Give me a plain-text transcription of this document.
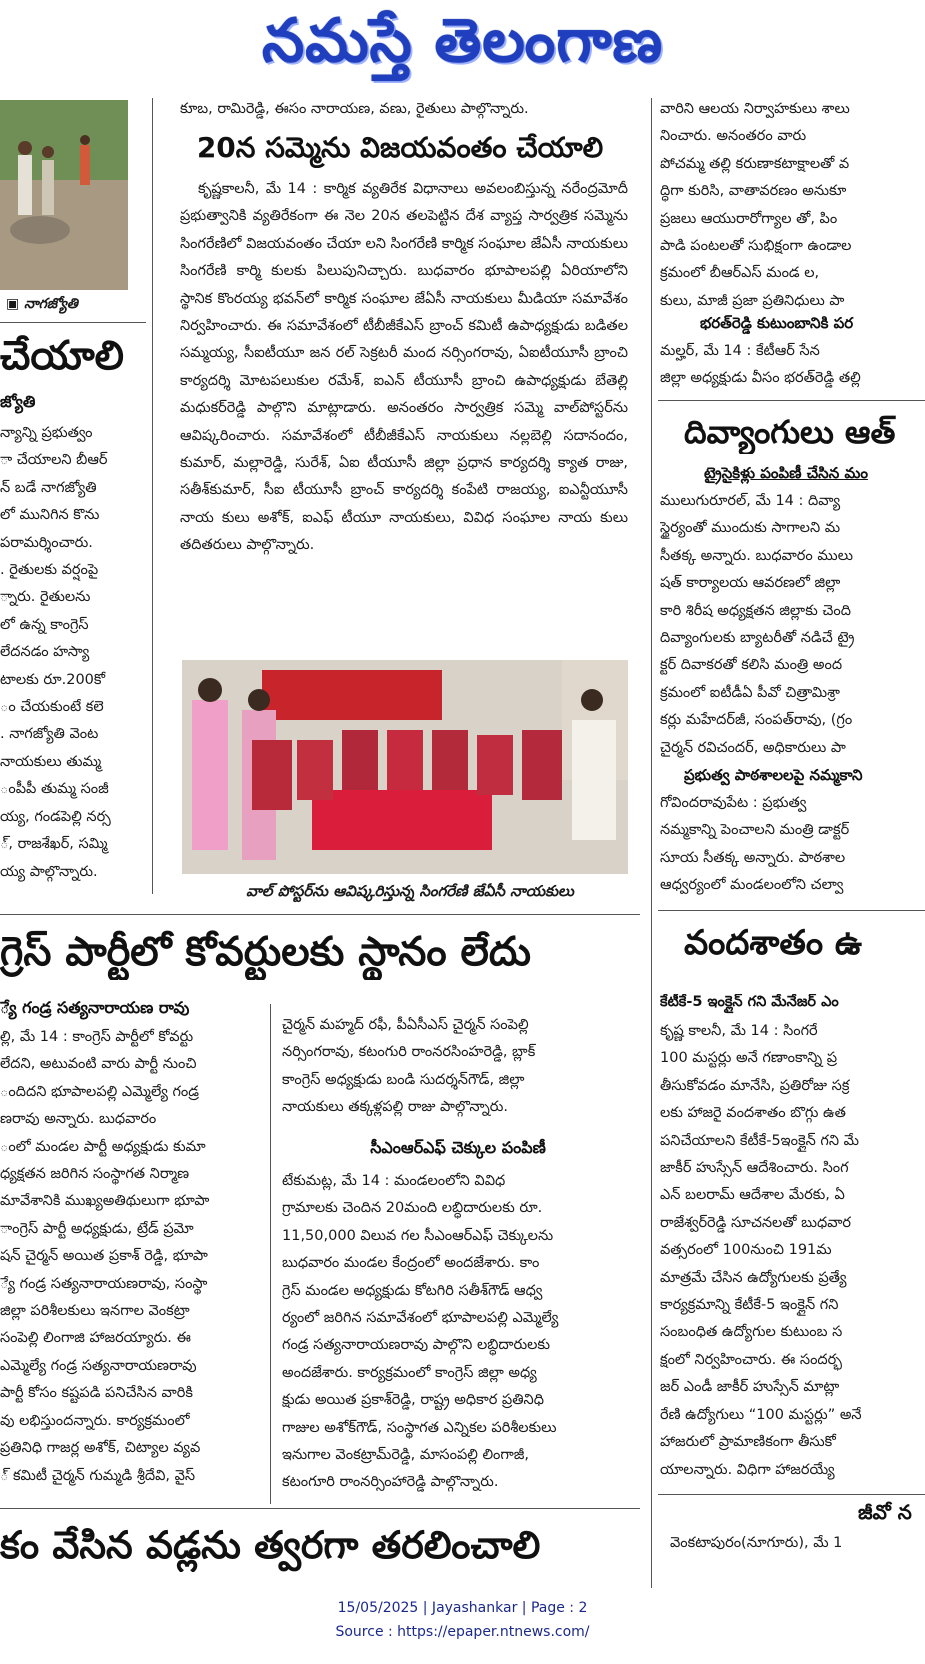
నమస్తే తెలంగాణ
▣ నాగజ్యోతి
చేయాలి
జ్యోతి

న్యాన్ని ప్రభుత్వం

ా చేయాలని బీఆర్

న్ బడే నాగజ్యోతి

లో మునిగిన కొను

పరామర్శించారు.

. రైతులకు వర్షంపై

్నారు. రైతులను

లో ఉన్న కాంగ్రెస్

లేదనడం హస్యా

టాలకు రూ.200కో

ం చేయకుంటే కలె

. నాగజ్యోతి వెంట

నాయకులు తుమ్మ

ంపీపీ తుమ్మ సంజీ

య్య, గండపెల్లి నర్స

్, రాజశేఖర్, సమ్మి

య్య పాల్గొన్నారు.

కూబ, రామిరెడ్డి, ఈసం నారాయణ, వణు, రైతులు పాల్గొన్నారు.
20న సమ్మెను విజయవంతం చేయాలి

కృష్ణకాలనీ, మే 14 : కార్మిక వ్యతిరేక విధానాలు అవలంబిస్తున్న నరేంద్రమోదీ ప్రభుత్వానికి వ్యతిరేకంగా ఈ నెల 20న తలపెట్టిన దేశ వ్యాప్త సార్వత్రిక సమ్మెను సింగరేణిలో విజయవంతం చేయా లని సింగరేణి కార్మిక సంఘాల జేఏసీ నాయకులు సింగరేణి కార్మి కులకు పిలుపునిచ్చారు. బుధవారం భూపాలపల్లి ఏరియాలోని స్థానిక కొంరయ్య భవన్‌లో కార్మిక సంఘాల జేఏసీ నాయకులు మీడియా సమావేశం నిర్వహించారు. ఈ సమావేశంలో టీబీజీకేఎస్ బ్రాంచ్ కమిటీ ఉపాధ్యక్షుడు బడితల సమ్మయ్య, సీఐటీయూ జన రల్ సెక్రటరీ మంద నర్సింగరావు, ఏఐటీయూసీ బ్రాంచి కార్యదర్శి మోటపలుకుల రమేశ్, ఐఎన్ టీయూసీ బ్రాంచి ఉపాధ్యక్షుడు బేతెల్లి మధుకర్‌రెడ్డి పాల్గొని మాట్లాడారు. అనంతరం సార్వత్రిక సమ్మె వాల్‌పోస్టర్‌ను ఆవిష్కరించారు. సమావేశంలో టీబీజీకేఎస్ నాయకులు నల్లబెల్లి సదానందం, కుమార్, మల్లారెడ్డి, సురేశ్, ఏఐ టీయూసీ జిల్లా ప్రధాన కార్యదర్శి క్యాత రాజు, సతీశ్‌కుమార్, సీఐ టీయూసీ బ్రాంచ్ కార్యదర్శి కంపేటి రాజయ్య, ఐఎన్టీయూసీ నాయ కులు అశోక్, ఐఎఫ్ టీయూ నాయకులు, వివిధ సంఘాల నాయ కులు తదితరులు పాల్గొన్నారు.

వాల్ పోస్టర్‌ను ఆవిష్కరిస్తున్న సింగరేణి జేఏసీ నాయకులు

వారిని ఆలయ నిర్వాహకులు శాలు

నించారు. అనంతరం వారు

పోచమ్మ తల్లి కరుణాకటాక్షాలతో వ

ద్ధిగా కురిసి, వాతావరణం అనుకూ

ప్రజలు ఆయురారోగ్యాల తో, పిం

పాడి పంటలతో సుభిక్షంగా ఉండాల

క్రమంలో బీఆర్ఎస్ మండ ల,

కులు, మాజీ ప్రజా ప్రతినిధులు పా

భరత్‌రెడ్డి కుటుంబానికి పర

మల్హర్, మే 14 : కేటీఆర్ సేన

జిల్లా అధ్యక్షుడు వీసం భరత్‌రెడ్డి తల్లి

దివ్యాంగులు ఆత్
ట్రైసైకిళ్లు పంపిణీ చేసిన మం

ములుగురూరల్, మే 14 : దివ్యా

స్థైర్యంతో ముందుకు సాగాలని మ

సీతక్క అన్నారు. బుధవారం ములు

షత్ కార్యాలయ ఆవరణలో జిల్లా

కారి శిరీష అధ్యక్షతన జిల్లాకు చెంది

దివ్యాంగులకు బ్యాటరీతో నడిచే ట్రై

క్టర్ దివాకరతో కలిసి మంత్రి అంద

క్రమంలో ఐటీడీఏ పీవో చిత్రామిశ్రా

కర్లు మహేదర్‌జీ, సంపత్‌రావు, (గ్రం

చైర్మన్ రవిచందర్, అధికారులు పా

ప్రభుత్వ పాఠశాలలపై నమ్మకాని

గోవిందరావుపేట : ప్రభుత్వ

నమ్మకాన్ని పెంచాలని మంత్రి డాక్టర్

సూయ సీతక్క అన్నారు. పాఠశాల

ఆధ్వర్యంలో మండలంలోని చల్వా

వందశాతం ఉ
కేటీకే-5 ఇంక్లైన్ గని మేనేజర్ ఎం

కృష్ణ కాలనీ, మే 14 : సింగరే

100 మస్టర్లు అనే గణాంకాన్ని ప్ర

తీసుకోవడం మానేసి, ప్రతిరోజు సక్ర

లకు హాజరై వందశాతం బొగ్గు ఉత

పనిచేయాలని కేటీకే-5ఇంక్లైన్ గని మే

జాకీర్ హుస్సేన్ ఆదేశించారు. సింగ

ఎన్ బలరామ్ ఆదేశాల మేరకు, ఏ

రాజేశ్వర్‌రెడ్డి సూచనలతో బుధవార

వత్సరంలో 100నుంచి 191మ

మాత్రమే చేసిన ఉద్యోగులకు ప్రత్యే

కార్యక్రమాన్ని కేటీకే-5 ఇంక్లైన్ గని

సంబంధిత ఉద్యోగుల కుటుంబ స

క్షంలో నిర్వహించారు. ఈ సందర్భ

జర్ ఎండీ జాకీర్ హుస్సేన్ మాట్లా

రేణి ఉద్యోగులు “100 మస్టర్లు” అనే

హాజరులో ప్రామాణికంగా తీసుకో

యాలన్నారు. విధిగా హాజరయ్యే

జీవో న
వెంకటాపురం(నూగూరు), మే 1
గ్రెస్ పార్టీలో కోవర్టులకు స్థానం లేదు
్యే గండ్ర సత్యనారాయణ రావు

ల్లి, మే 14 : కాంగ్రెస్ పార్టీలో కోవర్టు

లేదని, అటువంటి వారు పార్టీ నుంచి

ందిదని భూపాలపల్లి ఎమ్మెల్యే గండ్ర

ణరావు అన్నారు. బుధవారం

ంలో మండల పార్టీ అధ్యక్షుడు కుమా

ధ్యక్షతన జరిగిన సంస్థాగత నిర్మాణ

మావేశానికి ముఖ్యఅతిథులుగా భూపా

ాంగ్రెస్ పార్టీ అధ్యక్షుడు, ట్రేడ్ ప్రమో

షన్ చైర్మన్ అయిత ప్రకాశ్ రెడ్డి, భూపా

్యే గండ్ర సత్యనారాయణరావు, సంస్థా

జిల్లా పరిశీలకులు ఇనగాల వెంకట్రా

సంపెల్లి లింగాజి హాజరయ్యారు. ఈ

ఎమ్మెల్యే గండ్ర సత్యనారాయణరావు

పార్టీ కోసం కష్టపడి పనిచేసిన వారికి

వు లభిస్తుందన్నారు. కార్యక్రమంలో

ప్రతినిధి గాజర్ల అశోక్, చిట్యాల వ్యవ

్ కమిటీ చైర్మన్ గుమ్మడి శ్రీదేవి, వైస్

చైర్మన్ మహ్మద్ రఫీ, పీఏసీఎస్ చైర్మన్ సంపెల్లి

నర్సింగరావు, కటంగురి రాంనరసింహరెడ్డి, బ్లాక్

కాంగ్రెస్ అధ్యక్షుడు బండి సుదర్శన్‌గౌడ్, జిల్లా

నాయకులు తక్కళ్లపల్లి రాజు పాల్గొన్నారు.

సీఎంఆర్ఎఫ్ చెక్కుల పంపిణీ

టేకుమట్ల, మే 14 : మండలంలోని వివిధ

గ్రామాలకు చెందిన 20మంది లబ్ధిదారులకు రూ.

11,50,000 విలువ గల సీఎంఆర్ఎఫ్ చెక్కులను

బుధవారం మండల కేంద్రంలో అందజేశారు. కాం

గ్రెస్ మండల అధ్యక్షుడు కోటగిరి సతీశ్‌గౌడ్ ఆధ్వ

ర్యంలో జరిగిన సమావేశంలో భూపాలపల్లి ఎమ్మెల్యే

గండ్ర సత్యనారాయణరావు పాల్గొని లబ్ధిదారులకు

అందజేశారు. కార్యక్రమంలో కాంగ్రెస్ జిల్లా అధ్య

క్షుడు అయిత ప్రకాశ్‌రెడ్డి, రాష్ట్ర అధికార ప్రతినిధి

గాజుల అశోక్‌గౌడ్, సంస్థాగత ఎన్నికల పరిశీలకులు

ఇనుగాల వెంకట్రామ్‌రెడ్డి, మాసంపల్లి లింగాజీ,

కటంగూరి రాంనర్సింహారెడ్డి పాల్గొన్నారు.

కం వేసిన వడ్లను త్వరగా తరలించాలి
15/05/2025 | Jayashankar | Page : 2
Source : https://epaper.ntnews.com/
